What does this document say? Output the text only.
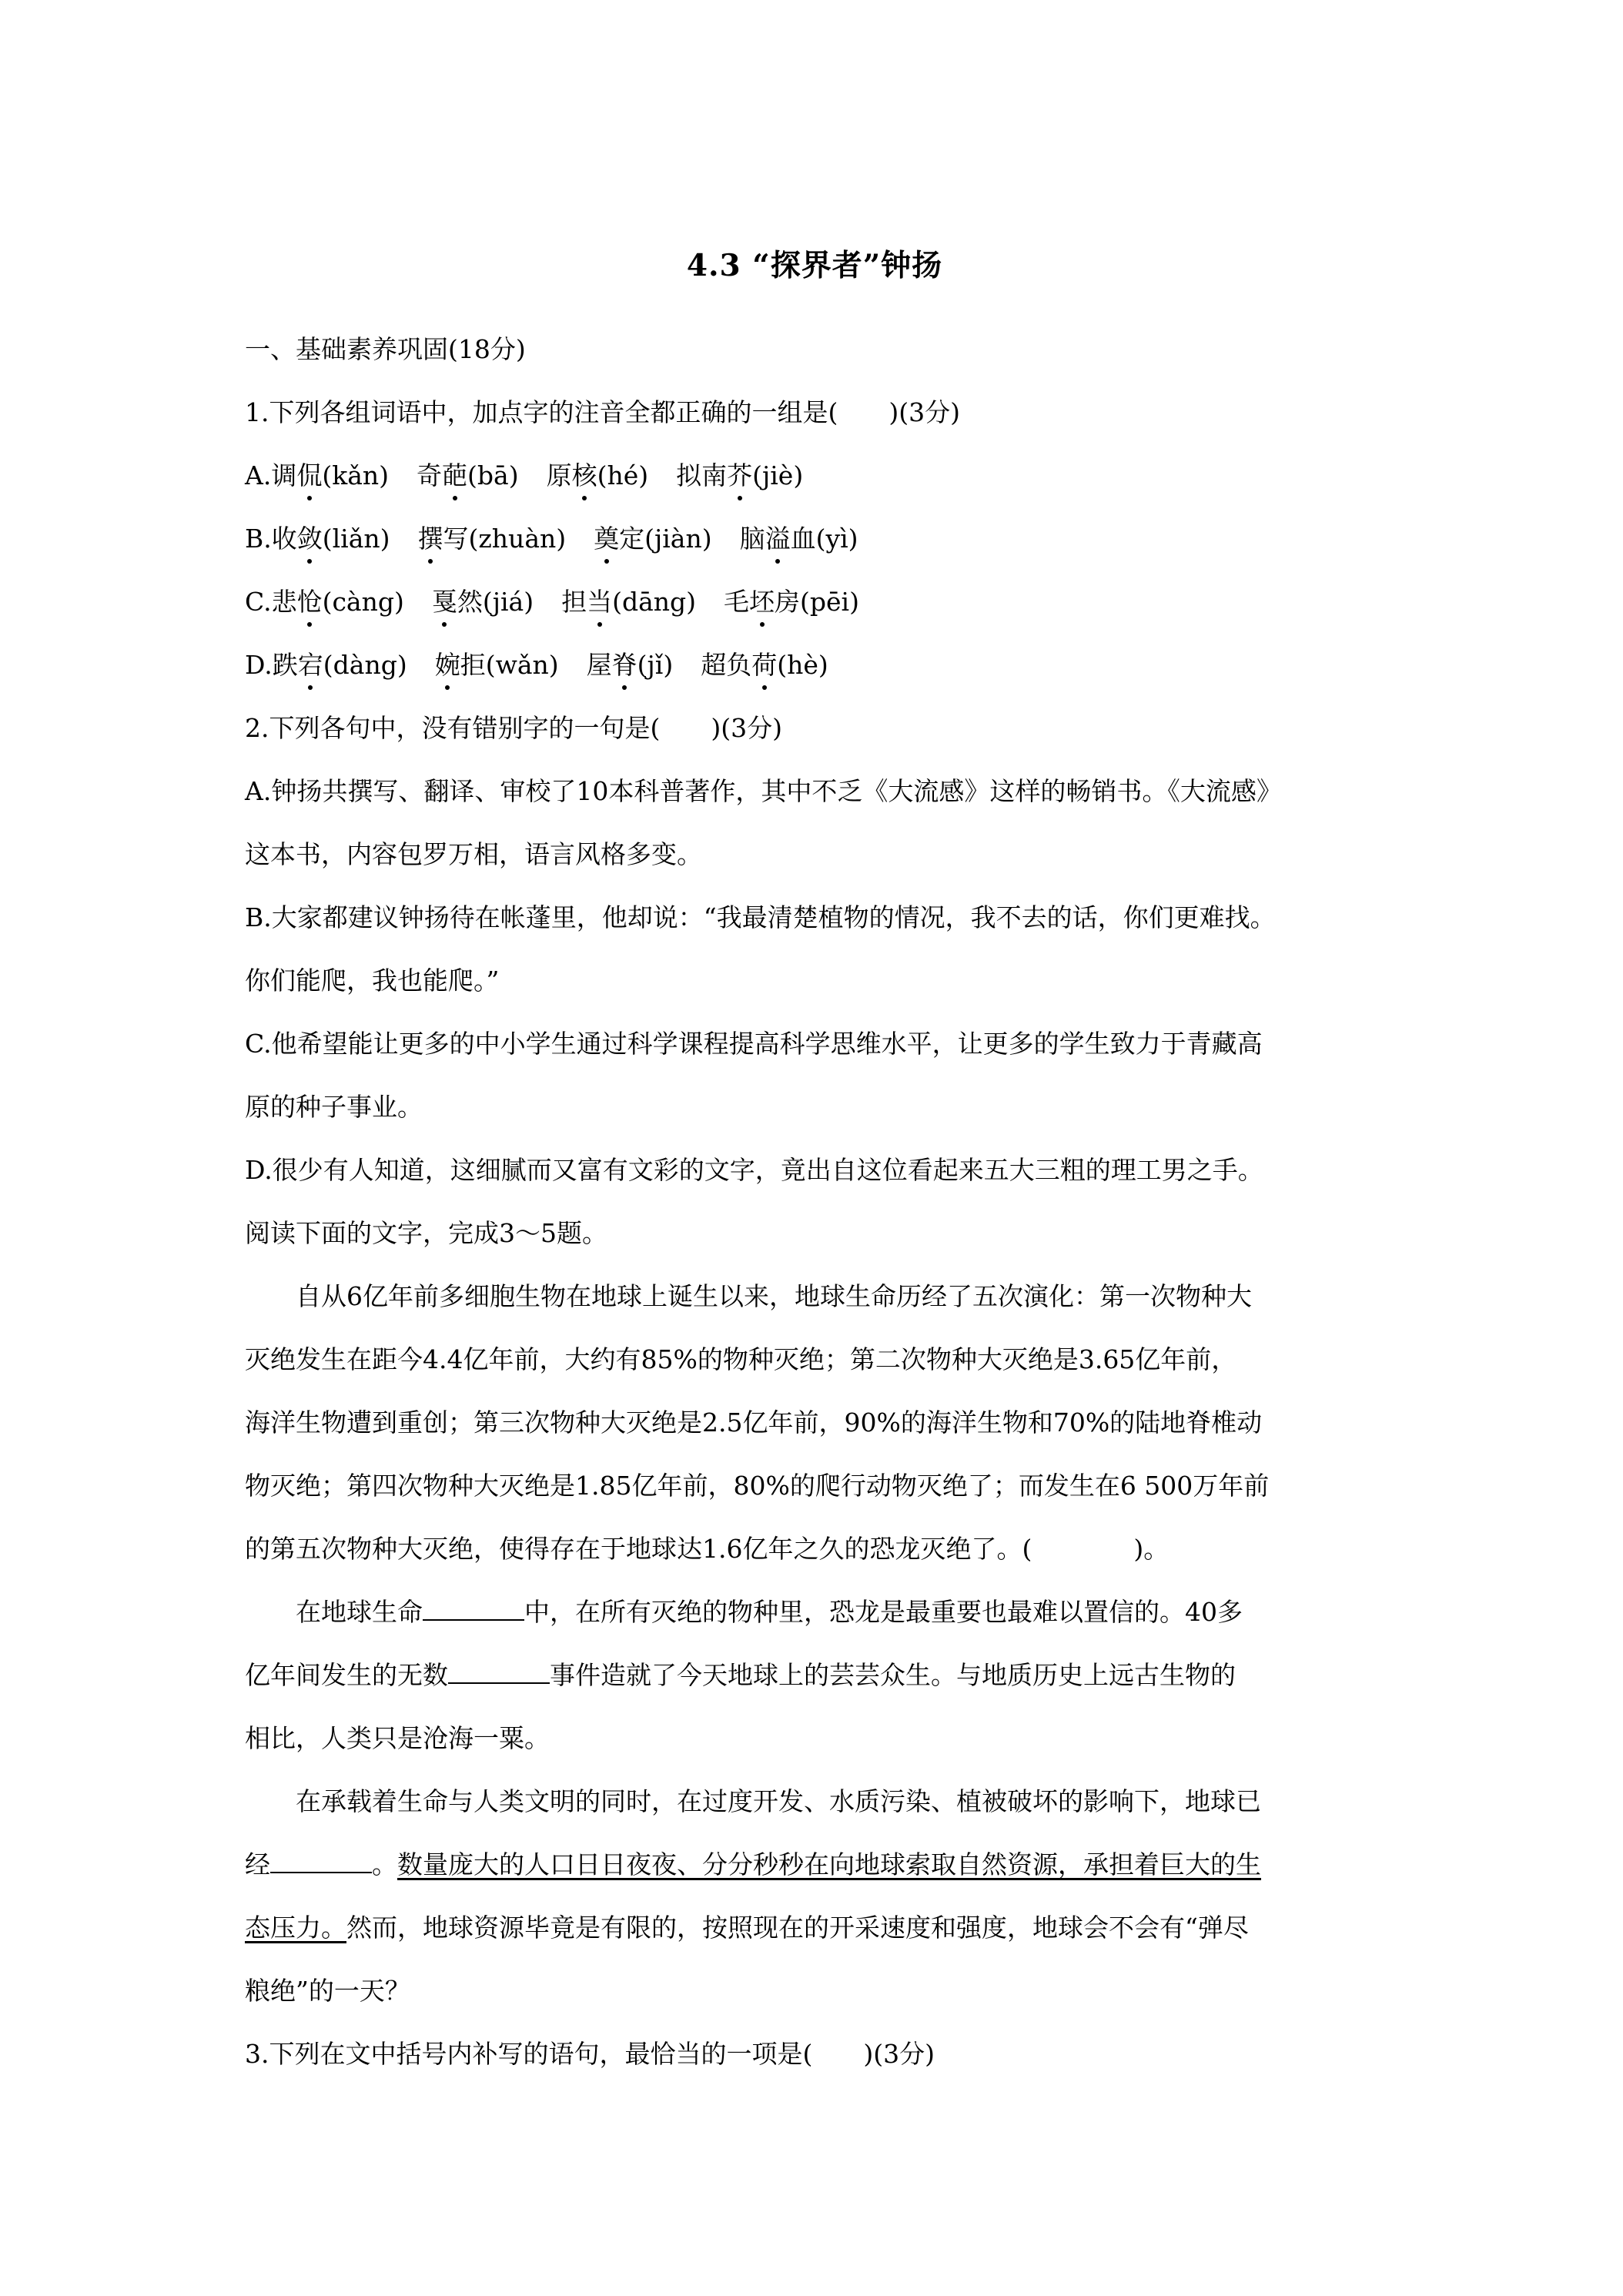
4.3 “探界者”钟扬
一、基础素养巩固(18分)
1.下列各组词语中，加点字的注音全都正确的一组是(　　)(3分)
A.调侃(kǎn) 奇葩(bā) 原核(hé) 拟南芥(jiè)
B.收敛(liǎn) 撰写(zhuàn) 奠定(jiàn) 脑溢血(yì)
C.悲怆(càng) 戛然(jiá) 担当(dāng) 毛坯房(pēi)
D.跌宕(dàng) 婉拒(wǎn) 屋脊(jǐ) 超负荷(hè)
2.下列各句中，没有错别字的一句是(　　)(3分)
A.钟扬共撰写、翻译、审校了10本科普著作，其中不乏《大流感》这样的畅销书。《大流感》
这本书，内容包罗万相，语言风格多变。
B.大家都建议钟扬待在帐蓬里，他却说：“我最清楚植物的情况，我不去的话，你们更难找。
你们能爬，我也能爬。”
C.他希望能让更多的中小学生通过科学课程提高科学思维水平，让更多的学生致力于青藏高
原的种子事业。
D.很少有人知道，这细腻而又富有文彩的文字，竟出自这位看起来五大三粗的理工男之手。
阅读下面的文字，完成3～5题。
自从6亿年前多细胞生物在地球上诞生以来，地球生命历经了五次演化：第一次物种大
灭绝发生在距今4.4亿年前，大约有85%的物种灭绝；第二次物种大灭绝是3.65亿年前，
海洋生物遭到重创；第三次物种大灭绝是2.5亿年前，90%的海洋生物和70%的陆地脊椎动
物灭绝；第四次物种大灭绝是1.85亿年前，80%的爬行动物灭绝了；而发生在6 500万年前
的第五次物种大灭绝，使得存在于地球达1.6亿年之久的恐龙灭绝了。(　　　　)。
在地球生命	中，在所有灭绝的物种里，恐龙是最重要也最难以置信的。40多
亿年间发生的无数	事件造就了今天地球上的芸芸众生。与地质历史上远古生物的
相比，人类只是沧海一粟。
在承载着生命与人类文明的同时，在过度开发、水质污染、植被破坏的影响下，地球已
经	。数量庞大的人口日日夜夜、分分秒秒在向地球索取自然资源，承担着巨大的生
态压力。然而，地球资源毕竟是有限的，按照现在的开采速度和强度，地球会不会有“弹尽
粮绝”的一天？
3.下列在文中括号内补写的语句，最恰当的一项是(　　)(3分)
